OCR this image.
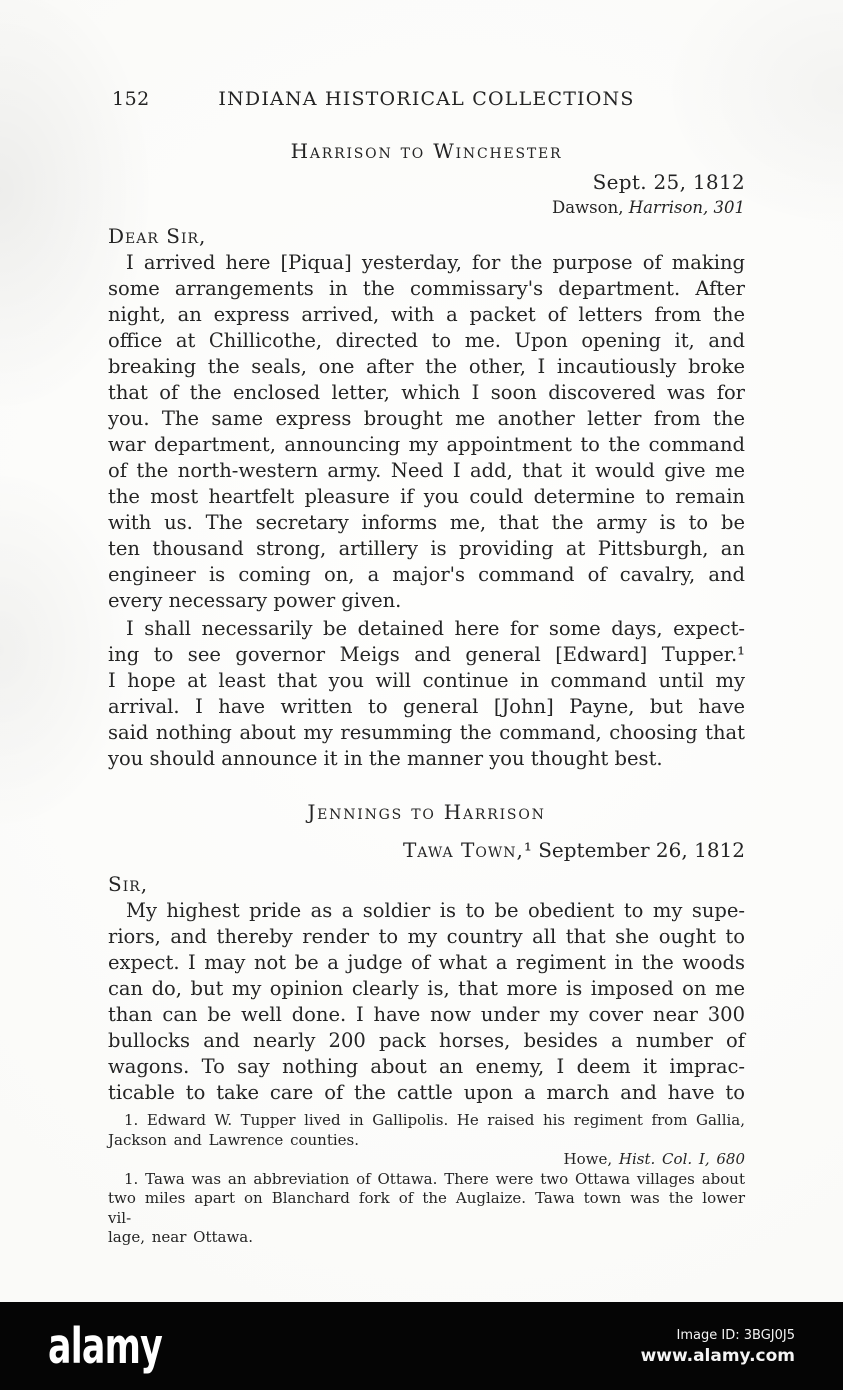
152	INDIANA HISTORICAL COLLECTIONS
Harrison to Winchester
Sept. 25, 1812
Dawson, Harrison, 301
Dear Sir,
I arrived here [Piqua] yesterday, for the purpose of making
some arrangements in the commissary's department. After
night, an express arrived, with a packet of letters from the
office at Chillicothe, directed to me. Upon opening it, and
breaking the seals, one after the other, I incautiously broke
that of the enclosed letter, which I soon discovered was for
you. The same express brought me another letter from the
war department, announcing my appointment to the command
of the north-western army. Need I add, that it would give me
the most heartfelt pleasure if you could determine to remain
with us. The secretary informs me, that the army is to be
ten thousand strong, artillery is providing at Pittsburgh, an
engineer is coming on, a major's command of cavalry, and
every necessary power given.
I shall necessarily be detained here for some days, expect-
ing to see governor Meigs and general [Edward] Tupper.¹
I hope at least that you will continue in command until my
arrival. I have written to general [John] Payne, but have
said nothing about my resumming the command, choosing that
you should announce it in the manner you thought best.
Jennings to Harrison
Tawa Town,¹ September 26, 1812
Sir,
My highest pride as a soldier is to be obedient to my supe-
riors, and thereby render to my country all that she ought to
expect. I may not be a judge of what a regiment in the woods
can do, but my opinion clearly is, that more is imposed on me
than can be well done. I have now under my cover near 300
bullocks and nearly 200 pack horses, besides a number of
wagons. To say nothing about an enemy, I deem it imprac-
ticable to take care of the cattle upon a march and have to
1. Edward W. Tupper lived in Gallipolis. He raised his regiment from Gallia,
Jackson and Lawrence counties.
Howe, Hist. Col. I, 680
1. Tawa was an abbreviation of Ottawa. There were two Ottawa villages about
two miles apart on Blanchard fork of the Auglaize. Tawa town was the lower vil-
lage, near Ottawa.
alamy	Image ID: 3BGJ0J5
www.alamy.com
